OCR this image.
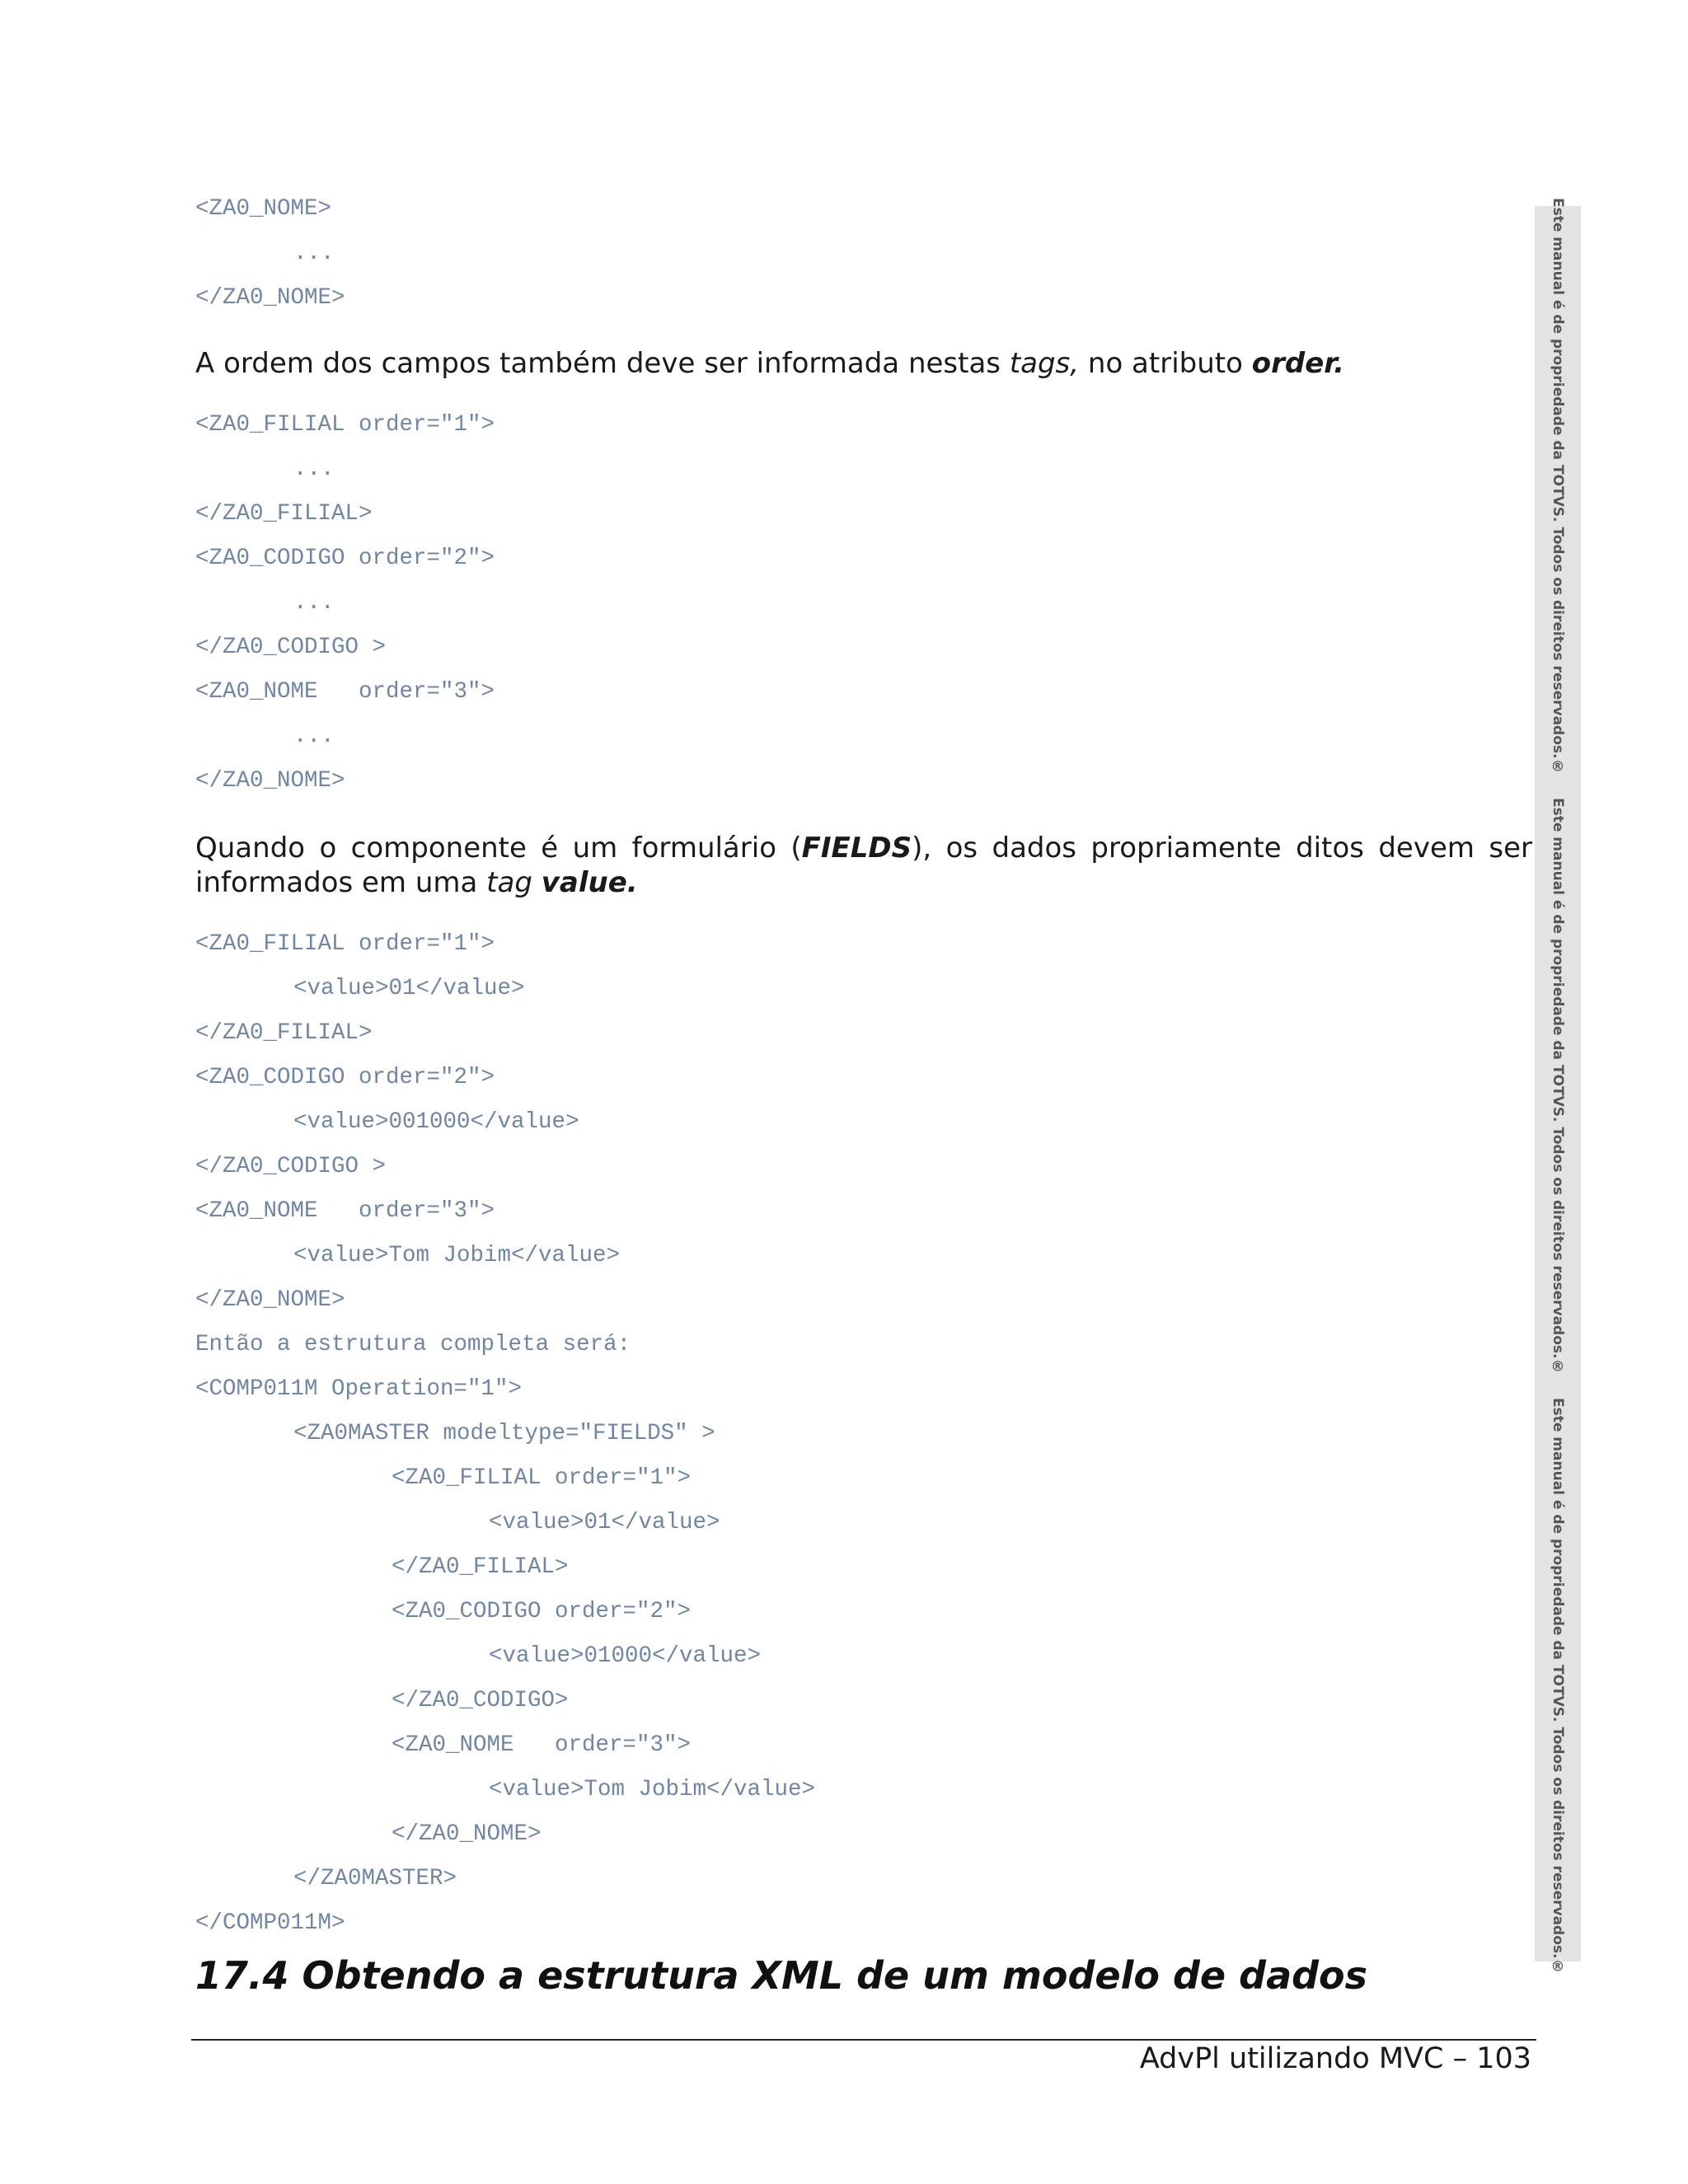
<ZA0_NOME>
...
</ZA0_NOME>

A ordem dos campos também deve ser informada nestas tags, no atributo order.

<ZA0_FILIAL order="1">
...
</ZA0_FILIAL>
<ZA0_CODIGO order="2">
...
</ZA0_CODIGO >
<ZA0_NOME   order="3">
...
</ZA0_NOME>

Quando o componente é um formulário (FIELDS), os dados propriamente ditos devem ser informados em uma tag value.

<ZA0_FILIAL order="1">
<value>01</value>
</ZA0_FILIAL>
<ZA0_CODIGO order="2">
<value>001000</value>
</ZA0_CODIGO >
<ZA0_NOME   order="3">
<value>Tom Jobim</value>
</ZA0_NOME>
Então a estrutura completa será:
<COMP011M Operation="1">
<ZA0MASTER modeltype="FIELDS" >
<ZA0_FILIAL order="1">
<value>01</value>
</ZA0_FILIAL>
<ZA0_CODIGO order="2">
<value>01000</value>
</ZA0_CODIGO>
<ZA0_NOME   order="3">
<value>Tom Jobim</value>
</ZA0_NOME>
</ZA0MASTER>
</COMP011M>
17.4 Obtendo a estrutura XML de um modelo de dados
AdvPl utilizando MVC – 103
Este manual é de propriedade da TOTVS. Todos os direitos reservados.®
Este manual é de propriedade da TOTVS. Todos os direitos reservados.®
Este manual é de propriedade da TOTVS. Todos os direitos reservados.®
